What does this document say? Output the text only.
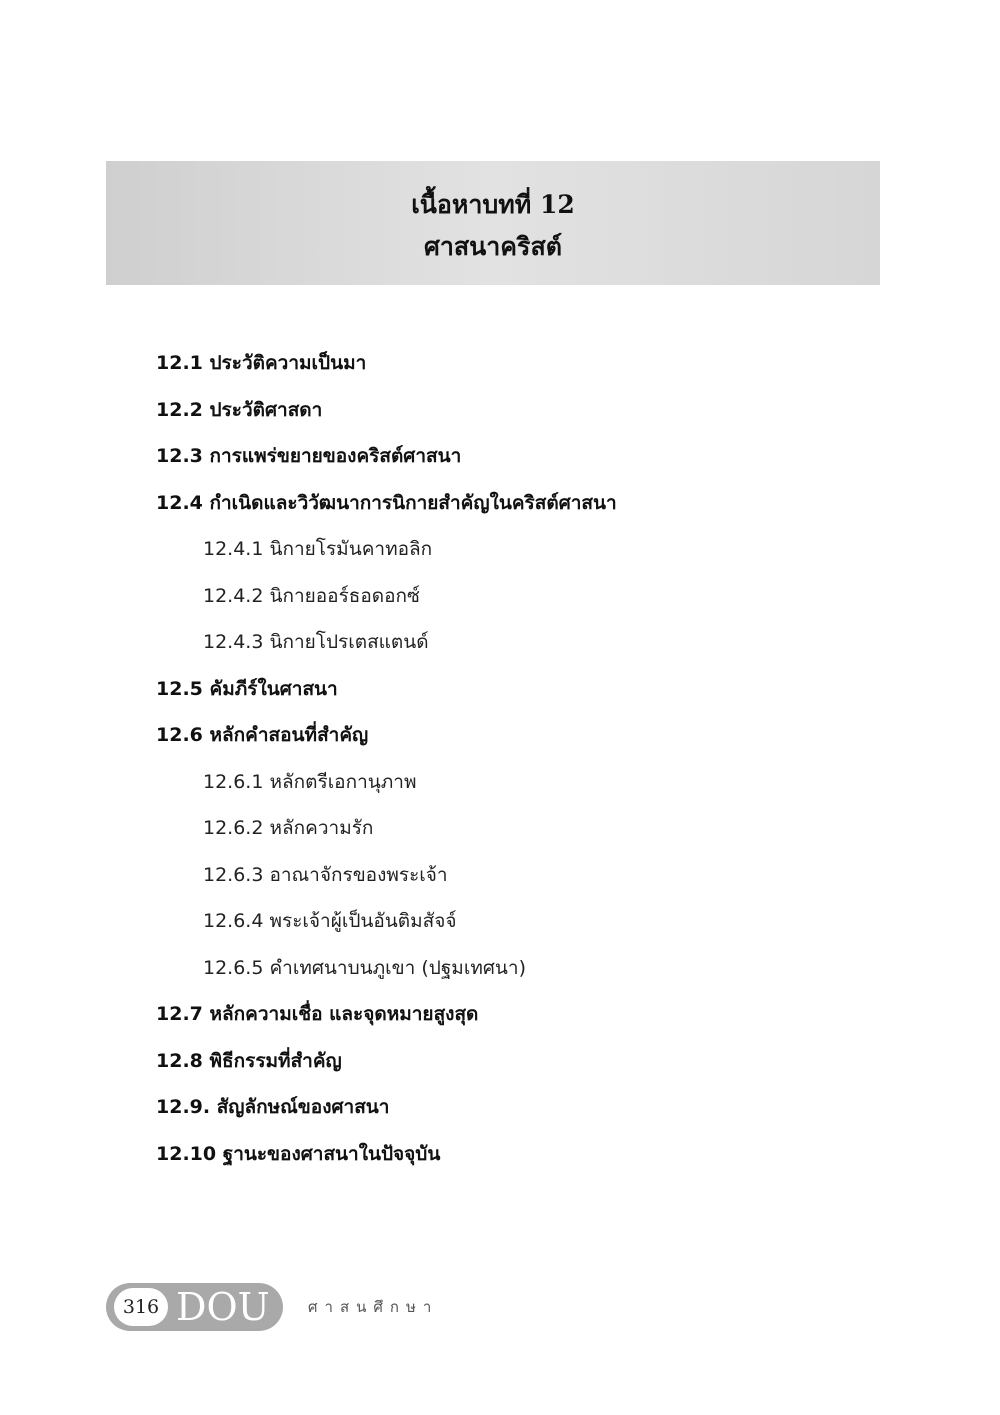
เนื้อหาบทที่ 12
ศาสนาคริสต์
12.1 ประวัติความเป็นมา
12.2 ประวัติศาสดา
12.3 การแพร่ขยายของคริสต์ศาสนา
12.4 กำเนิดและวิวัฒนาการนิกายสำคัญในคริสต์ศาสนา
12.4.1 นิกายโรมันคาทอลิก
12.4.2 นิกายออร์ธอดอกซ์
12.4.3 นิกายโปรเตสแตนด์
12.5 คัมภีร์ในศาสนา
12.6 หลักคำสอนที่สำคัญ
12.6.1 หลักตรีเอกานุภาพ
12.6.2 หลักความรัก
12.6.3 อาณาจักรของพระเจ้า
12.6.4 พระเจ้าผู้เป็นอันติมสัจจ์
12.6.5 คำเทศนาบนภูเขา (ปฐมเทศนา)
12.7 หลักความเชื่อ และจุดหมายสูงสุด
12.8 พิธีกรรมที่สำคัญ
12.9. สัญลักษณ์ของศาสนา
12.10 ฐานะของศาสนาในปัจจุบัน
316 DOU	ศาสนศึกษา
